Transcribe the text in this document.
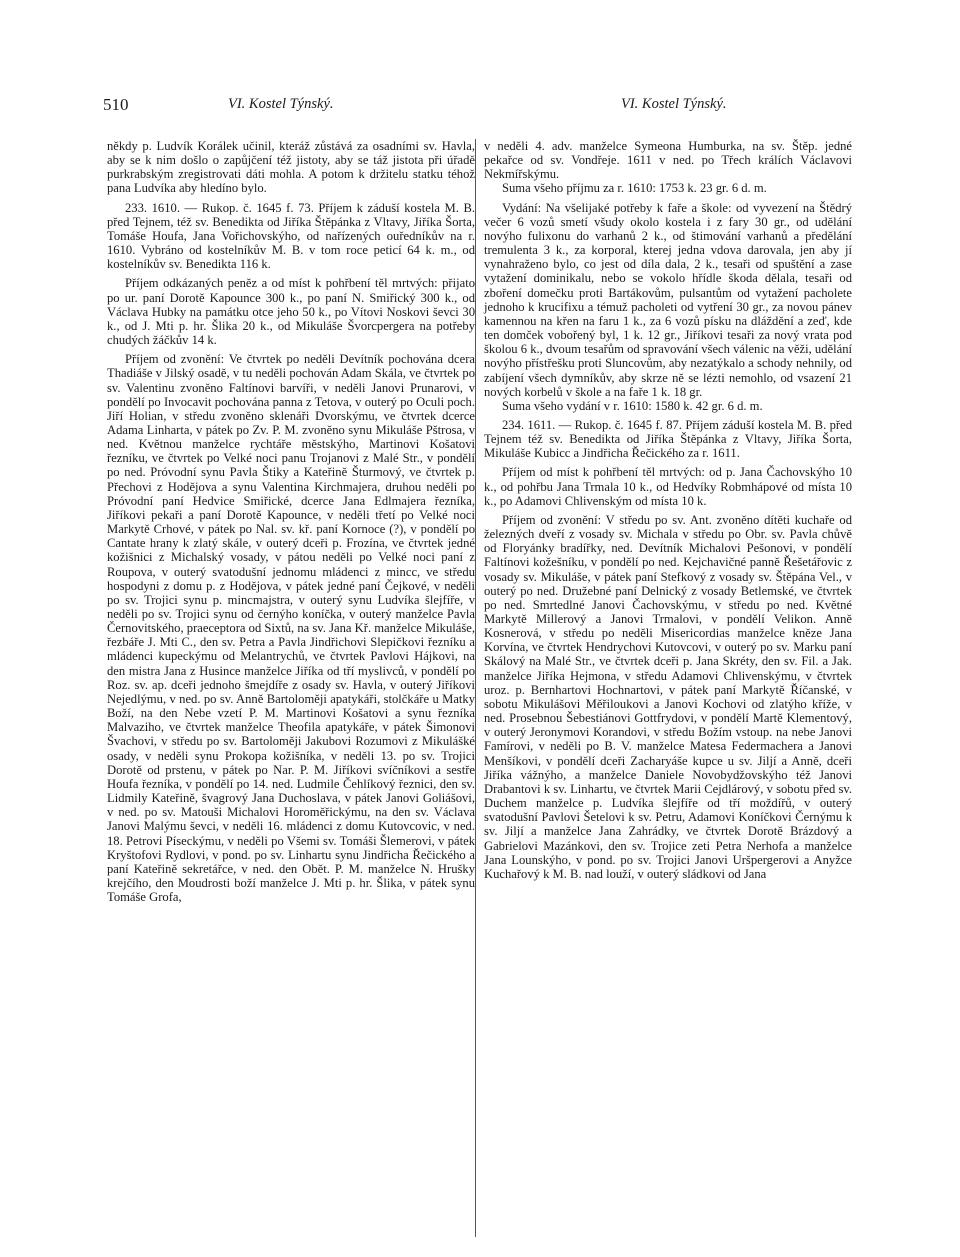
510	VI. Kostel Týnský.	VI. Kostel Týnský.

někdy p. Ludvík Korálek učinil, kteráž zůstává za osadními sv. Havla, aby se k nim došlo o zapůjčení též jistoty, aby se táž jistota při úřadě purkrabským zregistrovati dáti mohla. A potom k držitelu statku téhož pana Ludvíka aby hledíno bylo.

233. 1610. — Rukop. č. 1645 f. 73. Příjem k záduší kostela M. B. před Tejnem, též sv. Benedikta od Jiříka Štěpánka z Vltavy, Jiříka Šorta, Tomáše Houfa, Jana Vořichovskýho, od nařízených ouředníkův na r. 1610. Vybráno od kostelníkův M. B. v tom roce peticí 64 k. m., od kostelníkův sv. Benedikta 116 k.

Příjem odkázaných peněz a od míst k pohřbení těl mrtvých: přijato po ur. paní Dorotě Kapounce 300 k., po paní N. Smiřický 300 k., od Václava Hubky na památku otce jeho 50 k., po Vítovi Noskovi ševci 30 k., od J. Mti p. hr. Šlika 20 k., od Mikuláše Švorcpergera na potřeby chudých žáčkův 14 k.

Příjem od zvonění: Ve čtvrtek po neděli Devítník pochována dcera Thadiáše v Jilský osadě, v tu neděli pochován Adam Skála, ve čtvrtek po sv. Valentinu zvoněno Faltínovi barvíři, v neděli Janovi Prunarovi, v pondělí po Invocavit pochována panna z Tetova, v outerý po Oculi poch. Jiří Holian, v středu zvoněno sklenáři Dvorskýmu, ve čtvrtek dcerce Adama Linharta, v pátek po Zv. P. M. zvoněno synu Mikuláše Pštrosa, v ned. Květnou manželce rychtáře městskýho, Martinovi Košatovi řezníku, ve čtvrtek po Velké noci panu Trojanovi z Malé Str., v pondělí po ned. Próvodní synu Pavla Štiky a Kateřině Šturmový, ve čtvrtek p. Přechovi z Hodějova a synu Valentina Kirchmajera, druhou neděli po Próvodní paní Hedvice Smiřické, dcerce Jana Edlmajera řezníka, Jiříkovi pekaři a paní Dorotě Kapounce, v neděli třetí po Velké noci Markytě Crhové, v pátek po Nal. sv. kř. paní Kornoce (?), v pondělí po Cantate hrany k zlatý skále, v outerý dceři p. Frozína, ve čtvrtek jedné kožišnici z Michalský vosady, v pátou neděli po Velké noci paní z Roupova, v outerý svatodušní jednomu mládenci z mincc, ve středu hospodyni z domu p. z Hodějova, v pátek jedné paní Čejkové, v neděli po sv. Trojici synu p. mincmajstra, v outerý synu Ludvíka šlejfíře, v neděli po sv. Trojici synu od černýho koníčka, v outerý manželce Pavla Černovitského, praeceptora od Sixtů, na sv. Jana Kř. manželce Mikuláše, řezbáře J. Mti C., den sv. Petra a Pavla Jindřichovi Slepičkovi řezníku a mládenci kupeckýmu od Melantrychů, ve čtvrtek Pavlovi Hájkovi, na den mistra Jana z Husince manželce Jiříka od tří myslivců, v pondělí po Roz. sv. ap. dceři jednoho šmejdíře z osady sv. Havla, v outerý Jiříkovi Nejedlýmu, v ned. po sv. Anně Bartoloměji apatykáři, stolčkáře u Matky Boží, na den Nebe vzetí P. M. Martinovi Košatovi a synu řezníka Malvaziho, ve čtvrtek manželce Theofila apatykáře, v pátek Šimonovi Švachovi, v středu po sv. Bartoloměji Jakubovi Rozumovi z Mikulášké osady, v neděli synu Prokopa kožišníka, v neděli 13. po sv. Trojici Dorotě od prstenu, v pátek po Nar. P. M. Jiříkovi svíčníkovi a sestře Houfa řezníka, v pondělí po 14. ned. Ludmile Čehlíkový řeznici, den sv. Lidmily Kateřině, švagrový Jana Duchoslava, v pátek Janovi Goliášovi, v ned. po sv. Matouši Michalovi Horoměřickýmu, na den sv. Václava Janovi Malýmu ševci, v neděli 16. mládenci z domu Kutovcovic, v ned. 18. Petrovi Píseckýmu, v neděli po Všemi sv. Tomáši Šlemerovi, v pátek Kryštofovi Rydlovi, v pond. po sv. Linhartu synu Jindřicha Řečického a paní Kateřině sekretářce, v ned. den Obět. P. M. manželce N. Hrušky krejčího, den Moudrosti boží manželce J. Mti p. hr. Šlika, v pátek synu Tomáše Grofa,

v neděli 4. adv. manželce Symeona Humburka, na sv. Štěp. jedné pekařce od sv. Vondřeje. 1611 v ned. po Třech králích Václavovi Nekmířskýmu.

Suma všeho příjmu za r. 1610: 1753 k. 23 gr. 6 d. m.

Vydání: Na všelijaké potřeby k faře a škole: od vyvezení na Štědrý večer 6 vozů smetí všudy okolo kostela i z fary 30 gr., od udělání novýho fulixonu do varhanů 2 k., od štimování varhanů a předělání tremulenta 3 k., za korporal, kterej jedna vdova darovala, jen aby jí vynahraženo bylo, co jest od díla dala, 2 k., tesaři od spuštění a zase vytažení dominikalu, nebo se vokolo hřídle škoda dělala, tesaři od zboření domečku proti Bartákovům, pulsantům od vytažení pacholete jednoho k krucifixu a témuž pacholeti od vytření 30 gr., za novou pánev kamennou na křen na faru 1 k., za 6 vozů písku na dláždění a zeď, kde ten domček vobořený byl, 1 k. 12 gr., Jiříkovi tesaři za nový vrata pod školou 6 k., dvoum tesařům od spravování všech válenic na věži, udělání novýho přístřešku proti Sluncovům, aby nezatýkalo a schody nehnily, od zabíjení všech dymníkův, aby skrze ně se lézti nemohlo, od vsazení 21 nových korbelů v škole a na faře 1 k. 18 gr.

Suma všeho vydání v r. 1610: 1580 k. 42 gr. 6 d. m.

234. 1611. — Rukop. č. 1645 f. 87. Příjem záduší kostela M. B. před Tejnem též sv. Benedikta od Jiříka Štěpánka z Vltavy, Jiříka Šorta, Mikuláše Kubicc a Jindřicha Řečického za r. 1611.

Příjem od míst k pohřbení těl mrtvých: od p. Jana Čachovskýho 10 k., od pohřbu Jana Trmala 10 k., od Hedvíky Robmhápové od místa 10 k., po Adamovi Chlivenským od místa 10 k.

Příjem od zvonění: V středu po sv. Ant. zvoněno dítěti kuchaře od železných dveří z vosady sv. Michala v středu po Obr. sv. Pavla chůvě od Floryánky bradířky, ned. Devítník Michalovi Pešonovi, v pondělí Faltínovi kožešníku, v pondělí po ned. Kejchavičné panně Řešetářovic z vosady sv. Mikuláše, v pátek paní Stefkový z vosady sv. Štěpána Vel., v outerý po ned. Družebné paní Delnický z vosady Betlemské, ve čtvrtek po ned. Smrtedlné Janovi Čachovskýmu, v středu po ned. Květné Markytě Millerový a Janovi Trmalovi, v pondělí Velikon. Anně Kosnerová, v středu po neděli Misericordias manželce kněze Jana Korvína, ve čtvrtek Hendrychovi Kutovcovi, v outerý po sv. Marku paní Skálový na Malé Str., ve čtvrtek dceři p. Jana Skréty, den sv. Fil. a Jak. manželce Jiříka Hejmona, v středu Adamovi Chlivenskýmu, v čtvrtek uroz. p. Bernhartovi Hochnartovi, v pátek paní Markytě Říčanské, v sobotu Mikulášovi Měřiloukovi a Janovi Kochovi od zlatýho kříže, v ned. Prosebnou Šebestiánovi Gottfrydovi, v pondělí Martě Klementový, v outerý Jeronymovi Korandovi, v středu Božím vstoup. na nebe Janovi Famírovi, v neděli po B. V. manželce Matesa Federmachera a Janovi Menšíkovi, v pondělí dceři Zacharyáše kupce u sv. Jiljí a Anně, dceři Jiříka vážnýho, a manželce Daniele Novobydžovskýho též Janovi Drabantovi k sv. Linhartu, ve čtvrtek Marii Cejdlárový, v sobotu před sv. Duchem manželce p. Ludvíka šlejfíře od tří moždířů, v outerý svatodušní Pavlovi Šetelovi k sv. Petru, Adamovi Koníčkovi Černýmu k sv. Jiljí a manželce Jana Zahrádky, ve čtvrtek Dorotě Brázdový a Gabrielovi Mazánkovi, den sv. Trojice zeti Petra Nerhofa a manželce Jana Lounskýho, v pond. po sv. Trojici Janovi Uršpergerovi a Anyžce Kuchařový k M. B. nad louží, v outerý sládkovi od Jana
